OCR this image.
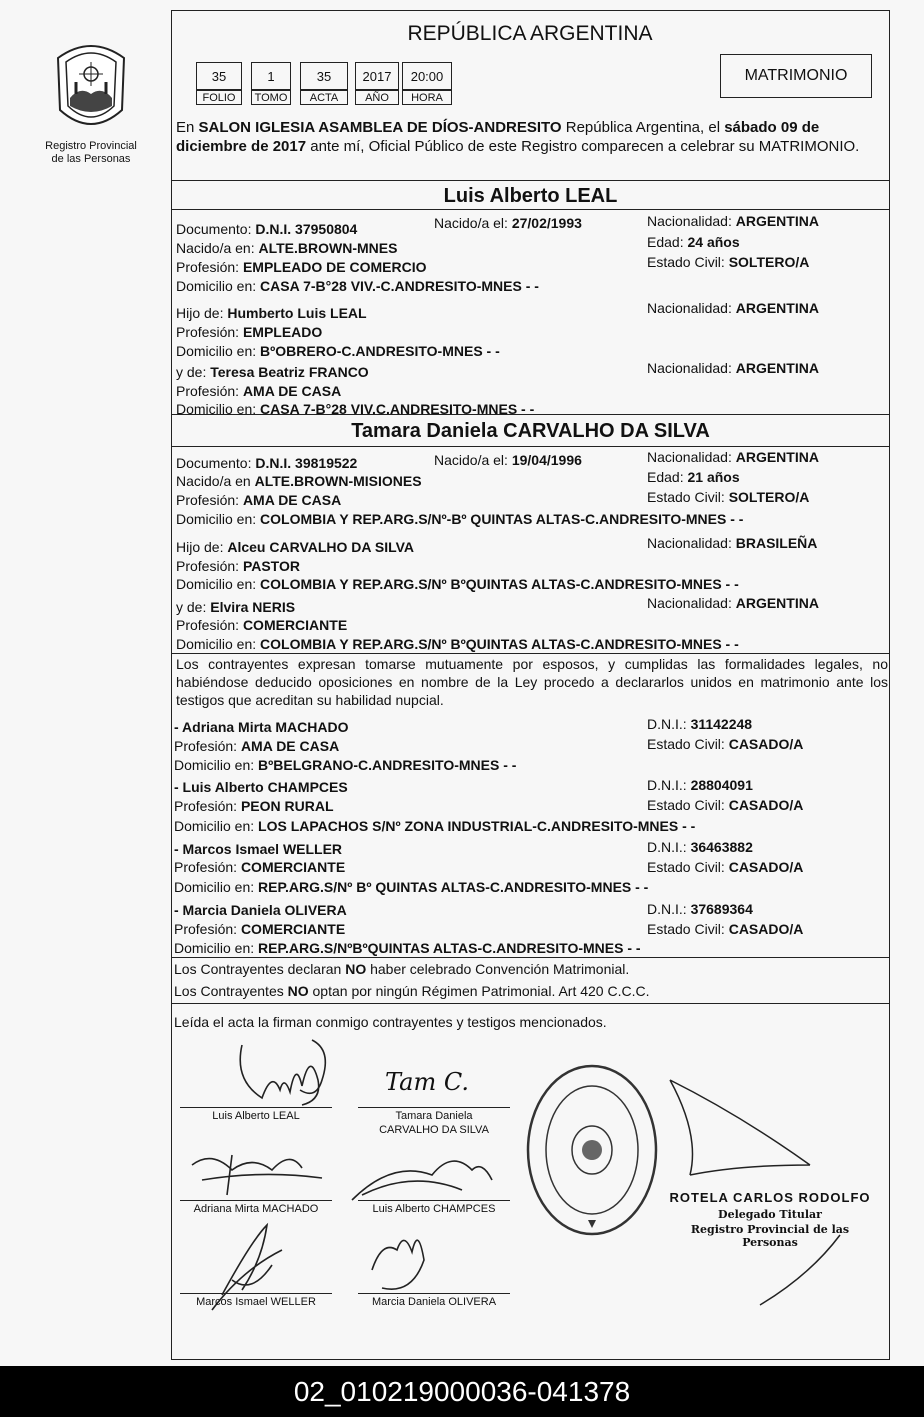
Registro Provincial
de las Personas
REPÚBLICA ARGENTINA
35	1	35	2017	20:00
FOLIO	TOMO	ACTA	AÑO	HORA
MATRIMONIO
En SALON IGLESIA ASAMBLEA DE DÍOS-ANDRESITO República Argentina, el sábado 09 de diciembre de 2017 ante mí, Oficial Público de este Registro comparecen a celebrar su MATRIMONIO.
Luis Alberto LEAL
Documento: D.N.I. 37950804	Nacido/a el: 27/02/1993	Nacionalidad: ARGENTINA
Nacido/a en: ALTE.BROWN-MNES	Edad: 24 años
Profesión: EMPLEADO DE COMERCIO	Estado Civil: SOLTERO/A
Domicilio en: CASA 7-B°28 VIV.-C.ANDRESITO-MNES - -
Hijo de: Humberto Luis LEAL	Nacionalidad: ARGENTINA
Profesión: EMPLEADO
Domicilio en: BºOBRERO-C.ANDRESITO-MNES - -
y de: Teresa Beatriz FRANCO	Nacionalidad: ARGENTINA
Profesión: AMA DE CASA
Domicilio en: CASA 7-B°28 VIV.C.ANDRESITO-MNES - -
Tamara Daniela CARVALHO DA SILVA
Documento: D.N.I. 39819522	Nacido/a el: 19/04/1996	Nacionalidad: ARGENTINA
Nacido/a en ALTE.BROWN-MISIONES	Edad: 21 años
Profesión: AMA DE CASA	Estado Civil: SOLTERO/A
Domicilio en: COLOMBIA Y REP.ARG.S/Nº-Bº QUINTAS ALTAS-C.ANDRESITO-MNES - -
Hijo de: Alceu CARVALHO DA SILVA	Nacionalidad: BRASILEÑA
Profesión: PASTOR
Domicilio en: COLOMBIA Y REP.ARG.S/Nº BºQUINTAS ALTAS-C.ANDRESITO-MNES - -
y de: Elvira NERIS	Nacionalidad: ARGENTINA
Profesión: COMERCIANTE
Domicilio en: COLOMBIA Y REP.ARG.S/Nº BºQUINTAS ALTAS-C.ANDRESITO-MNES - -
Los contrayentes expresan tomarse mutuamente por esposos, y cumplidas las formalidades legales, no habiéndose deducido oposiciones en nombre de la Ley procedo a declararlos unidos en matrimonio ante los testigos que acreditan su habilidad nupcial.
- Adriana Mirta MACHADO	D.N.I.: 31142248
Profesión: AMA DE CASA	Estado Civil: CASADO/A
Domicilio en: BºBELGRANO-C.ANDRESITO-MNES - -
- Luis Alberto CHAMPCES	D.N.I.: 28804091
Profesión: PEON RURAL	Estado Civil: CASADO/A
Domicilio en: LOS LAPACHOS S/Nº ZONA INDUSTRIAL-C.ANDRESITO-MNES - -
- Marcos Ismael WELLER	D.N.I.: 36463882
Profesión: COMERCIANTE	Estado Civil: CASADO/A
Domicilio en: REP.ARG.S/Nº Bº QUINTAS ALTAS-C.ANDRESITO-MNES - -
- Marcia Daniela OLIVERA	D.N.I.: 37689364
Profesión: COMERCIANTE	Estado Civil: CASADO/A
Domicilio en: REP.ARG.S/NºBºQUINTAS ALTAS-C.ANDRESITO-MNES - -
Los Contrayentes declaran NO haber celebrado Convención Matrimonial.
Los Contrayentes NO optan por ningún Régimen Patrimonial. Art 420 C.C.C.
Leída el acta la firman conmigo contrayentes y testigos mencionados.
Tam C.
Luis Alberto LEAL	Tamara Daniela
CARVALHO DA SILVA
Adriana Mirta MACHADO	Luis Alberto CHAMPCES
Marcos Ismael WELLER	Marcia Daniela OLIVERA
ROTELA CARLOS RODOLFO
Delegado Titular
Registro Provincial de las Personas
02_010219000036-041378
